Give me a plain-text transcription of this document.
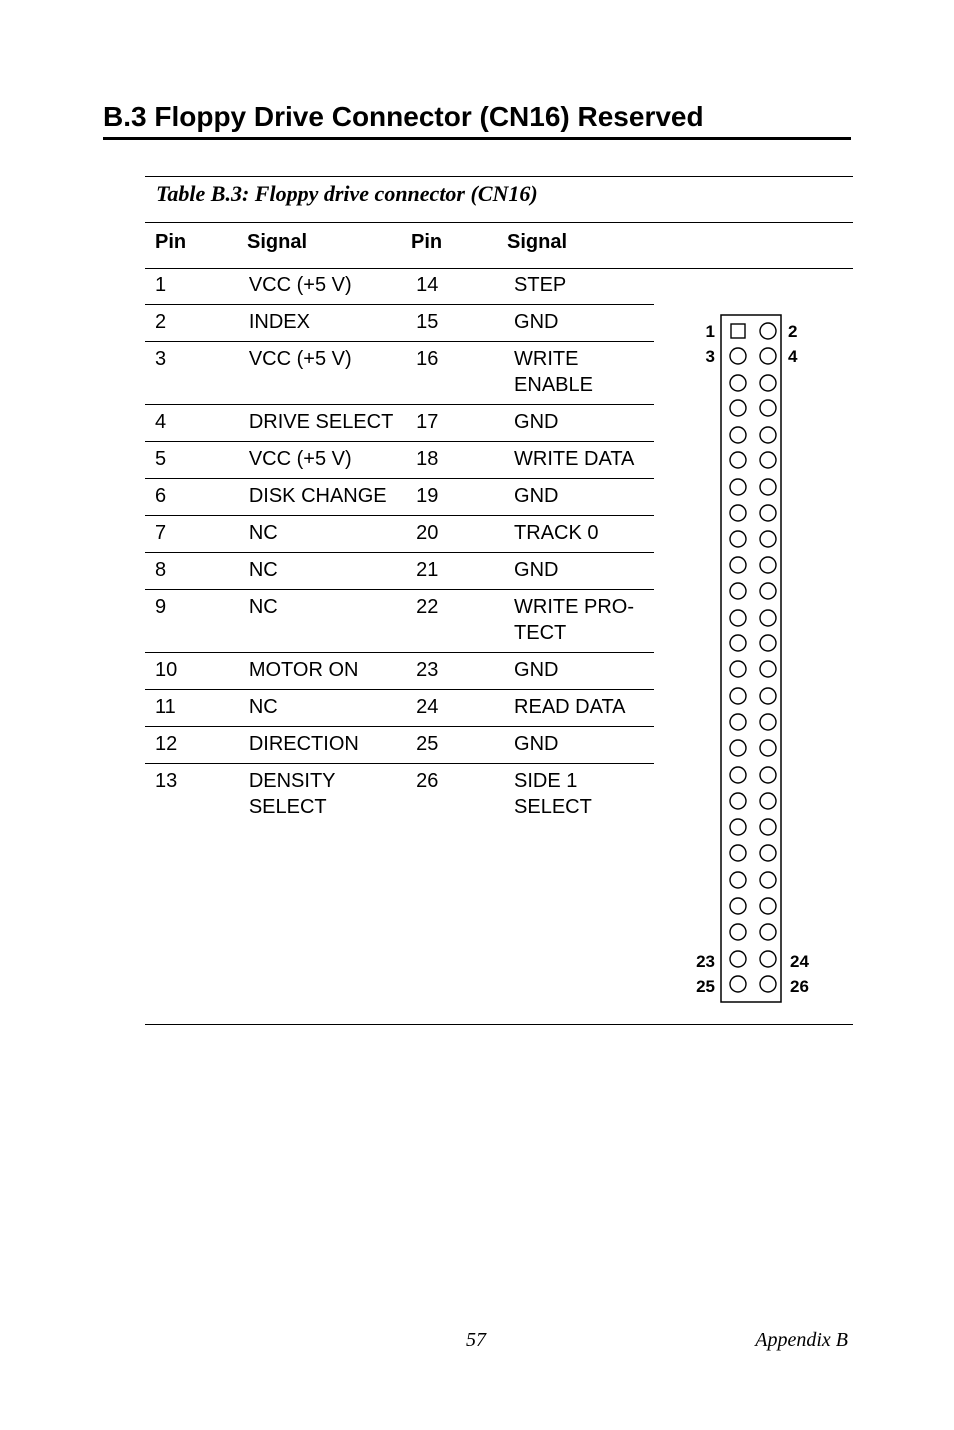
B.3 Floppy Drive Connector (CN16) Reserved
Table B.3: Floppy drive connector (CN16)
Pin	Signal	Pin	Signal
1	VCC (+5 V)	14	STEP
2	INDEX	15	GND
3	VCC (+5 V)	16	WRITE ENABLE
4	DRIVE SELECT	17	GND
5	VCC (+5 V)	18	WRITE DATA
6	DISK CHANGE	19	GND
7	NC	20	TRACK 0
8	NC	21	GND
9	NC	22	WRITE PRO-TECT
10	MOTOR ON	23	GND
11	NC	24	READ DATA
12	DIRECTION	25	GND
13	DENSITY SELECT	26	SIDE 1 SELECT
1	2
3	4
23	24
25	26
57	Appendix B
